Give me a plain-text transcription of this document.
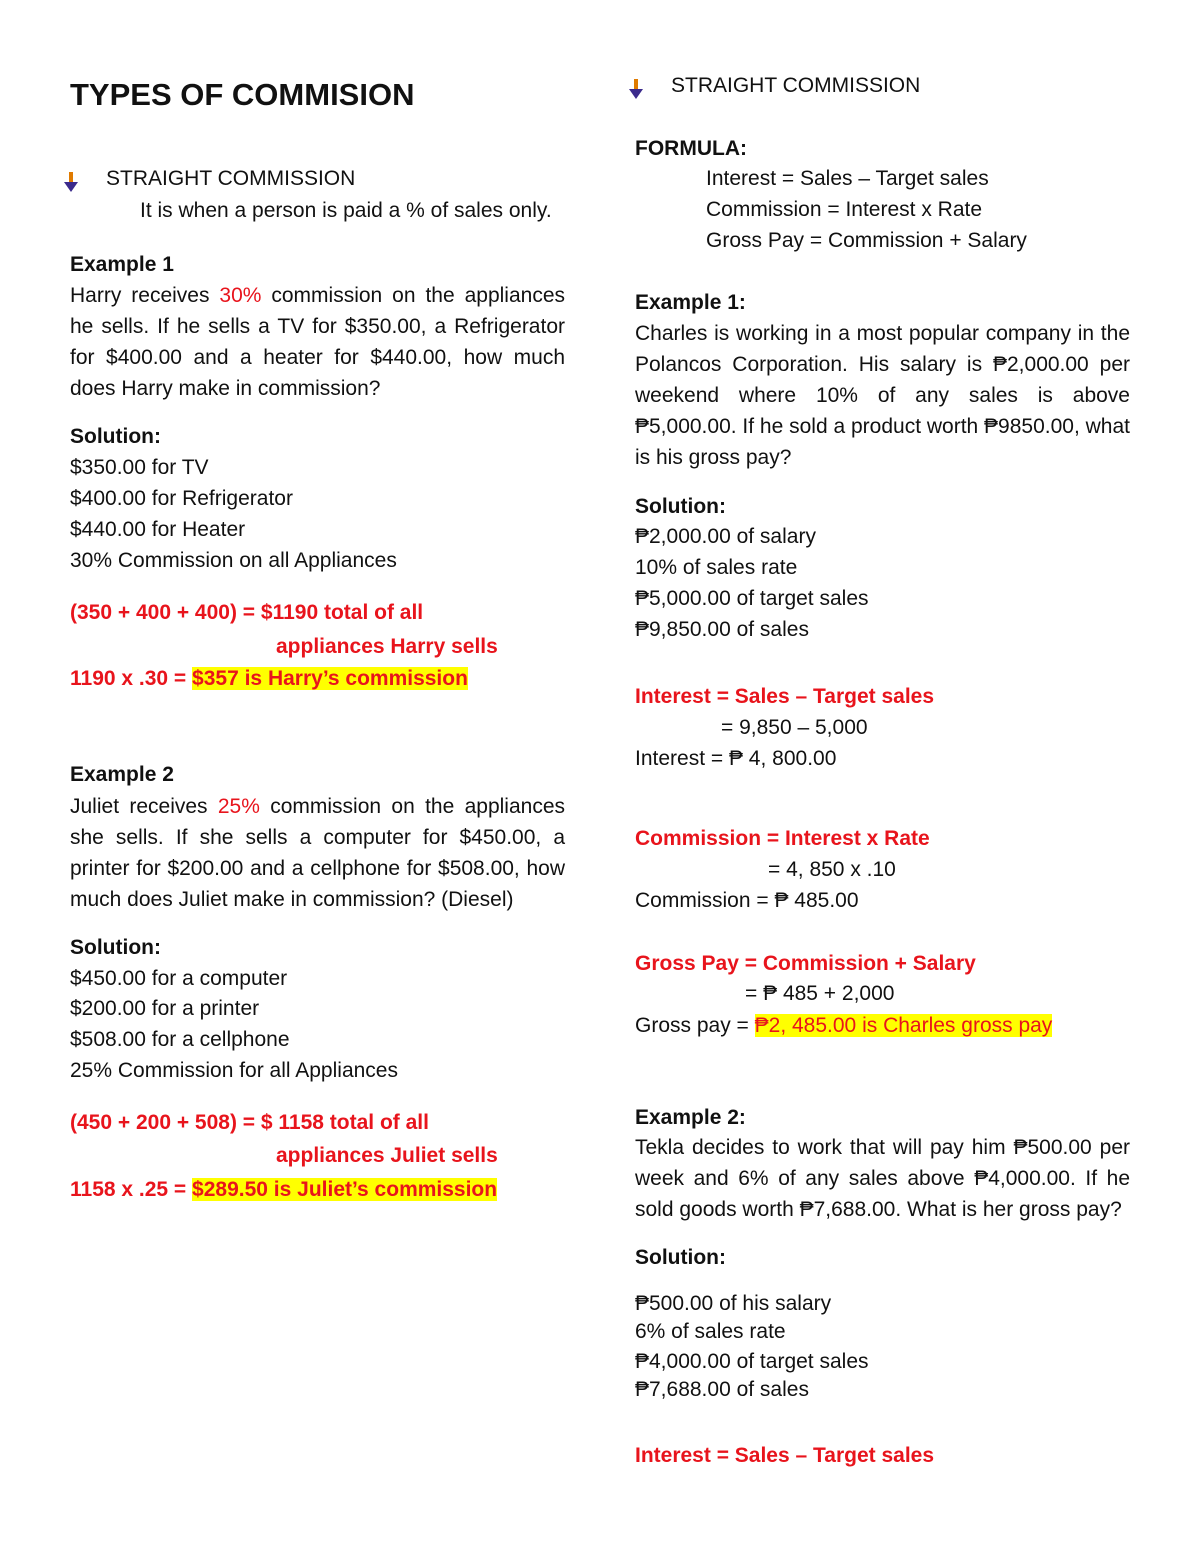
TYPES OF COMMISION
STRAIGHT COMMISSION
It is when a person is paid a % of sales only.
Example 1
Harry receives 30% commission on the appliances he sells. If he sells a TV for $350.00, a Refrigerator for $400.00 and a heater for $440.00, how much does Harry make in commission?
Solution:
$350.00 for TV
$400.00 for Refrigerator
$440.00 for Heater
30% Commission on all Appliances
(350 + 400 + 400) = $1190 total of all
appliances Harry sells
1190 x .30 = $357 is Harry’s commission
Example 2
Juliet receives 25% commission on the appliances she sells. If she sells a computer for $450.00, a printer for $200.00 and a cellphone for $508.00, how much does Juliet make in commission? (Diesel)
Solution:
$450.00 for a computer
$200.00 for a printer
$508.00 for a cellphone
25% Commission for all Appliances
(450 + 200 + 508) = $ 1158 total of all
appliances Juliet sells
1158 x .25 = $289.50 is Juliet’s commission
STRAIGHT COMMISSION
FORMULA:
Interest = Sales – Target sales
Commission = Interest x Rate
Gross Pay = Commission + Salary
Example 1:
Charles is working in a most popular company in the Polancos Corporation. His salary is ₱2,000.00 per weekend where 10% of any sales is above ₱5,000.00. If he sold a product worth ₱9850.00, what is his gross pay?
Solution:
₱2,000.00 of salary
10% of sales rate
₱5,000.00 of target sales
₱9,850.00 of sales
Interest = Sales – Target sales
= 9,850 – 5,000
Interest = ₱ 4, 800.00
Commission = Interest x Rate
= 4, 850 x .10
Commission = ₱ 485.00
Gross Pay = Commission + Salary
= ₱ 485 + 2,000
Gross pay = ₱2, 485.00 is Charles gross pay
Example 2:
Tekla decides to work that will pay him ₱500.00 per week and 6% of any sales above ₱4,000.00. If he sold goods worth ₱7,688.00. What is her gross pay?
Solution:
₱500.00 of his salary
6% of sales rate
₱4,000.00 of target sales
₱7,688.00 of sales
Interest = Sales – Target sales
